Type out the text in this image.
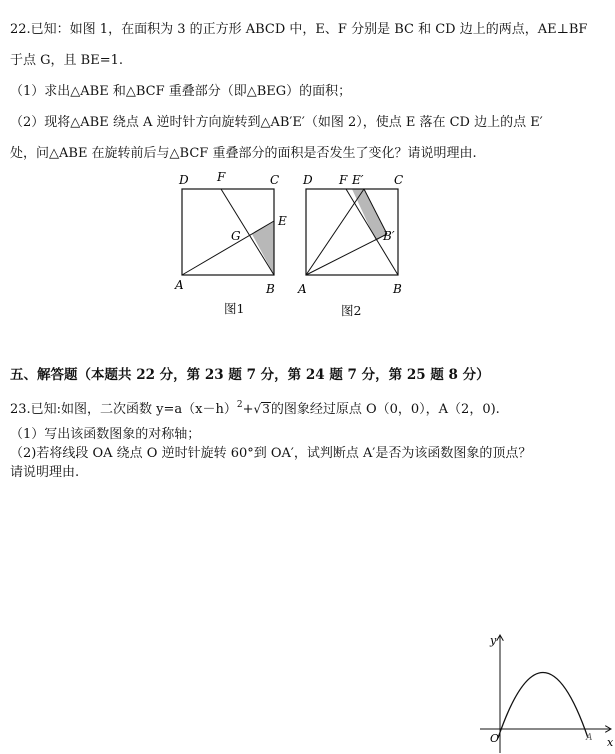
22.已知：如图 1，在面积为 3 的正方形 ABCD 中，E、F 分别是 BC 和 CD 边上的两点，AE⊥BF
于点 G，且 BE=1.
（1）求出△ABE 和△BCF 重叠部分（即△BEG）的面积；
（2）现将△ABE 绕点 A 逆时针方向旋转到△AB′E′（如图 2），使点 E 落在 CD 边上的点 E′
处，问△ABE 在旋转前后与△BCF 重叠部分的面积是否发生了变化？请说明理由.
D F	C
E
G
A	B
图1
D F E′	C
B′
A	B
图2
五、解答题（本题共 22 分，第 23 题 7 分，第 24 题 7 分，第 25 题 8 分）
23.已知:如图，二次函数 $y=a(x-h)^2+√3$的图象经过原点 O（0，0），A（2，0).
（1）写出该函数图象的对称轴；
（2)若将线段 OA 绕点 O 逆时针旋转 60°到 OA′，试判断点 A′是否为该函数图象的顶点？
请说明理由.
y
x
O	A
